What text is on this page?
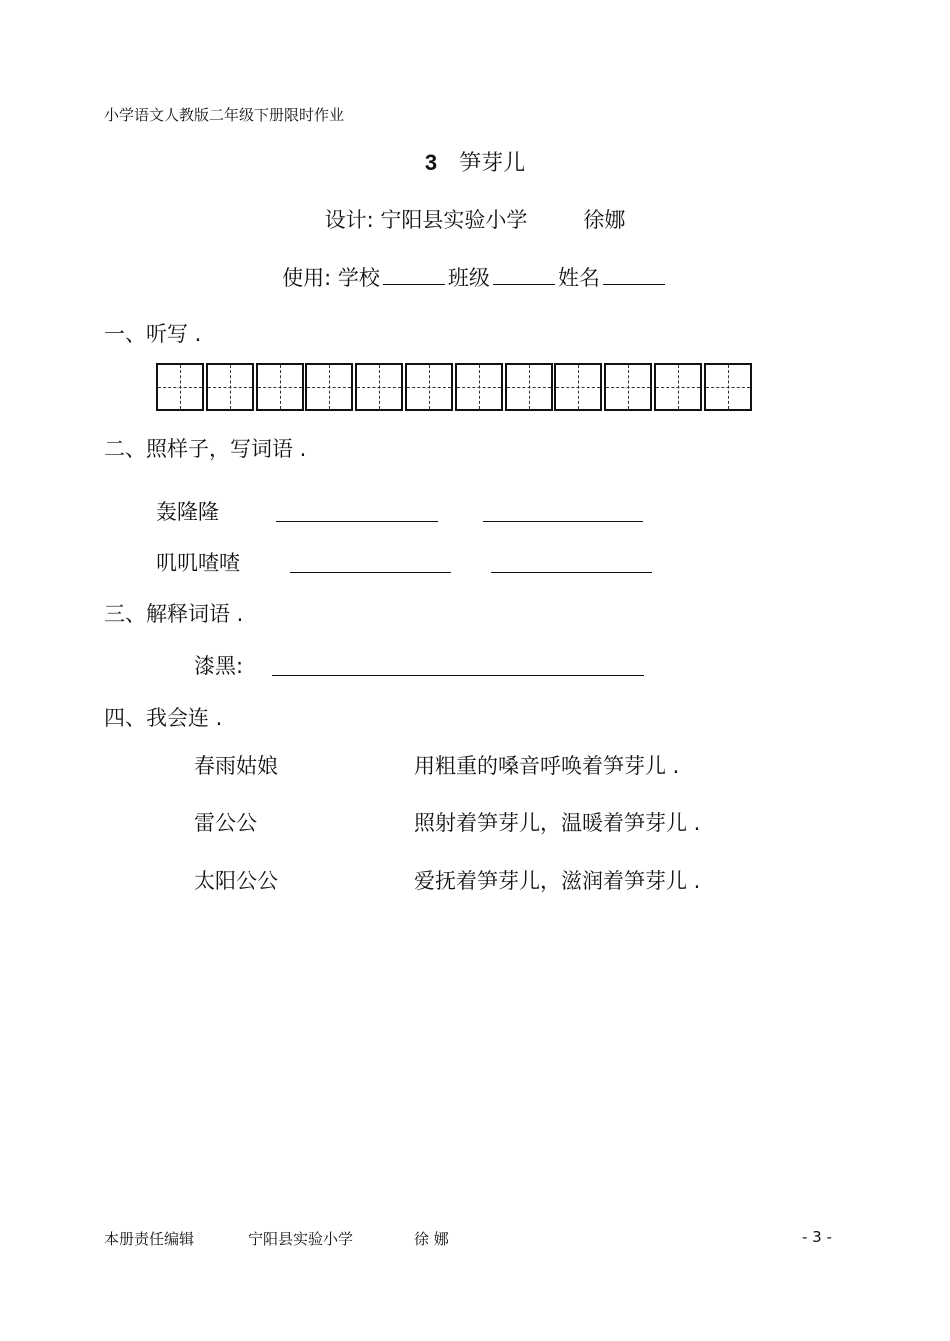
小学语文人教版二年级下册限时作业
3 笋芽儿
设计: 宁阳县实验小学	徐娜
使用: 学校	班级	姓名
一、听写 .
二、照样子，写词语 .
轰隆隆
叽叽喳喳
三、解释词语 .
漆黑:
四、我会连 .
春雨姑娘	用粗重的嗓音呼唤着笋芽儿 .
雷公公	照射着笋芽儿，温暖着笋芽儿 .
太阳公公	爱抚着笋芽儿，滋润着笋芽儿 .
本册责任编辑	宁阳县实验小学	徐 娜	- 3 -
